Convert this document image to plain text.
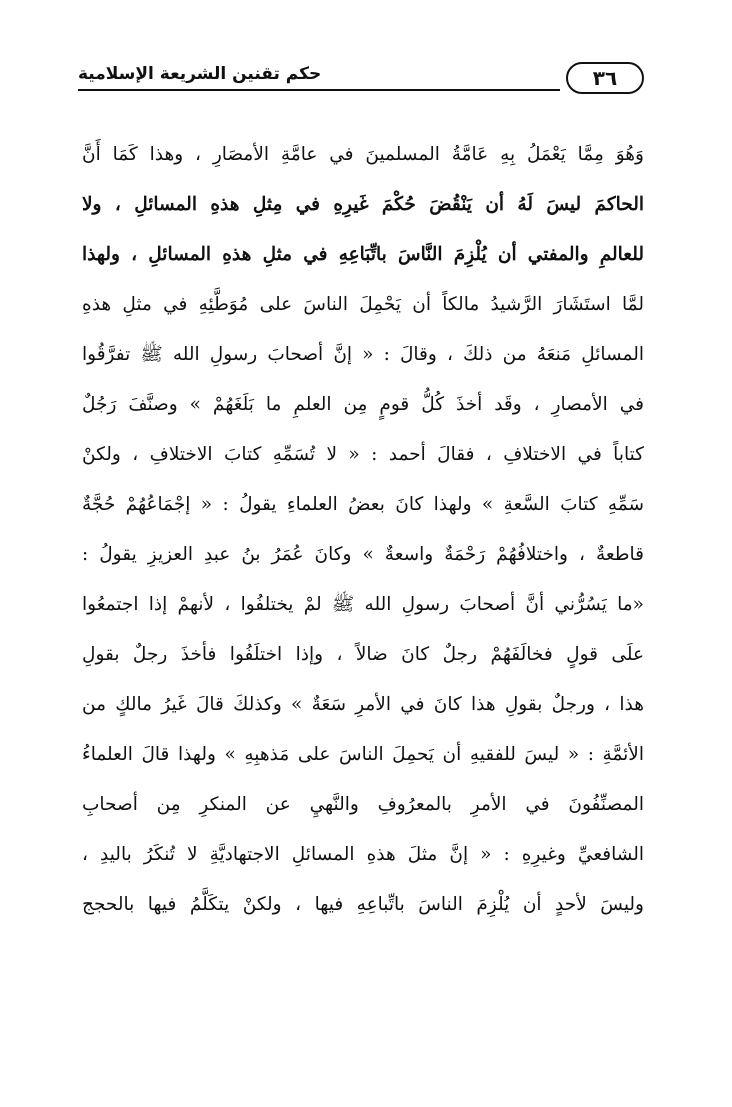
حكم تقنين الشريعة الإسلامية	٣٦
وَهُوَ مِمَّا يَعْمَلُ بِهِ عَامَّةُ المسلمينَ في عامَّةِ الأمصَارِ ، وهذا كَمَا أَنَّ
الحاكمَ ليسَ لَهُ أن يَنْقُضَ حُكْمَ غَيرِهِ في مِثلِ هذهِ المسائلِ ، ولا
للعالمِ والمفتي أن يُلْزِمَ النَّاسَ باتِّبَاعِهِ في مثلِ هذهِ المسائلِ ، ولهذا
لمَّا استَشَارَ الرَّشيدُ مالكاً أن يَحْمِلَ الناسَ على مُوَطَّئِهِ في مثلِ هذهِ
المسائلِ مَنعَهُ من ذلكَ ، وقالَ : « إنَّ أصحابَ رسولِ الله ﷺ تفرَّقُوا
في الأمصارِ ، وقَد أخذَ كُلُّ قومٍ مِن العلمِ ما بَلَغَهُمْ » وصنَّفَ رَجُلٌ
كتاباً في الاختلافِ ، فقالَ أحمد : « لا تُسَمِّهِ كتابَ الاختلافِ ، ولكنْ
سَمِّهِ كتابَ السَّعةِ » ولهذا كانَ بعضُ العلماءِ يقولُ : « إجْمَاعُهُمْ حُجَّةٌ
قاطعةٌ ، واختلافُهُمْ رَحْمَةٌ واسعةٌ » وكانَ عُمَرُ بنُ عبدِ العزيزِ يقولُ :
«ما يَسُرُّني أنَّ أصحابَ رسولِ الله ﷺ لمْ يختلفُوا ، لأنهمْ إذا اجتمعُوا
علَى قولٍ فخالَفَهُمْ رجلٌ كانَ ضالاً ، وإذا اختلَفُوا فأخذَ رجلٌ بقولِ
هذا ، ورجلٌ بقولِ هذا كانَ في الأمرِ سَعَةٌ » وكذلكَ قالَ غَيرُ مالكٍ من
الأئمَّةِ : « ليسَ للفقيهِ أن يَحمِلَ الناسَ على مَذهبِهِ » ولهذا قالَ العلماءُ
المصنِّفُونَ في الأمرِ بالمعرُوفِ والنَّهيِ عن المنكرِ مِن أصحابِ
الشافعيِّ وغيرِهِ : « إنَّ مثلَ هذهِ المسائلِ الاجتهاديَّةِ لا تُنكَرُ باليدِ ،
وليسَ لأحدٍ أن يُلْزِمَ الناسَ باتِّباعِهِ فيها ، ولكنْ يتكَلَّمُ فيها بالحجج
